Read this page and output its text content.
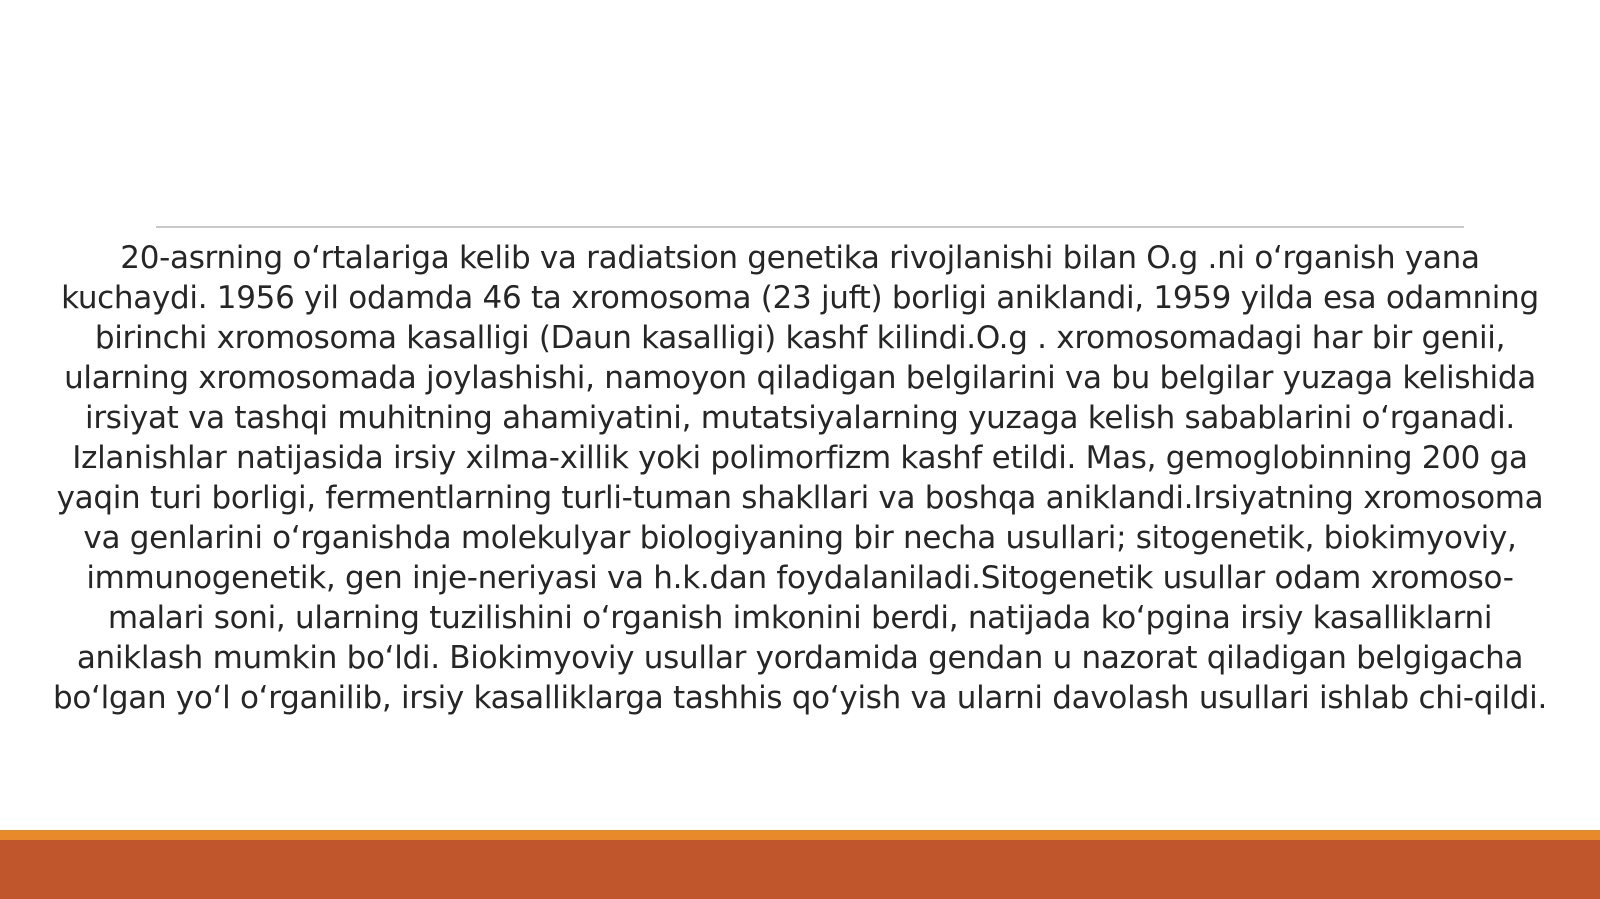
20-asrning o‘rtalariga kelib va radiatsion genetika rivojlanishi bilan O.g .ni o‘rganish yana
kuchaydi. 1956 yil odamda 46 ta xromosoma (23 juft) borligi aniklandi, 1959 yilda esa odamning
birinchi xromosoma kasalligi (Daun kasalligi) kashf kilindi.O.g . xromosomadagi har bir genii,
ularning xromosomada joylashishi, namoyon qiladigan belgilarini va bu belgilar yuzaga kelishida
irsiyat va tashqi muhitning ahamiyatini, mutatsiyalarning yuzaga kelish sabablarini o‘rganadi.
Izlanishlar natijasida irsiy xilma-xillik yoki polimorfizm kashf etildi. Mas, gemoglobinning 200 ga
yaqin turi borligi, fermentlarning turli-tuman shakllari va boshqa aniklandi.Irsiyatning xromosoma
va genlarini o‘rganishda molekulyar biologiyaning bir necha usullari; sitogenetik, biokimyoviy,
immunogenetik, gen inje-neriyasi va h.k.dan foydalaniladi.Sitogenetik usullar odam xromoso-
malari soni, ularning tuzilishini o‘rganish imkonini berdi, natijada ko‘pgina irsiy kasalliklarni
aniklash mumkin bo‘ldi. Biokimyoviy usullar yordamida gendan u nazorat qiladigan belgigacha
bo‘lgan yo‘l o‘rganilib, irsiy kasalliklarga tashhis qo‘yish va ularni davolash usullari ishlab chi-qildi.
